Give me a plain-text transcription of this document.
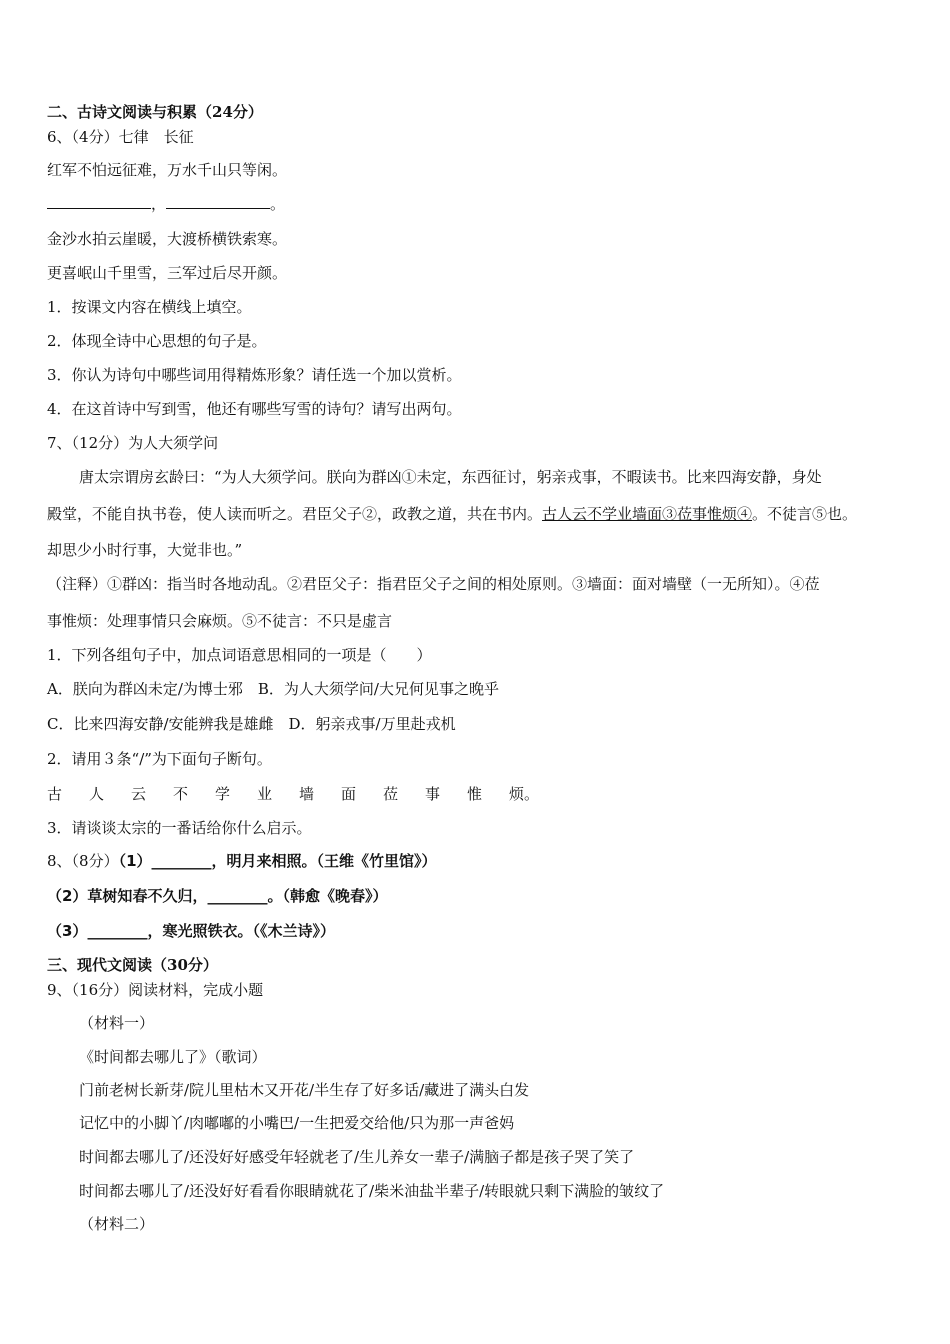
二、古诗文阅读与积累（24分）
6、（4分）七律　长征
红军不怕远征难，万水千山只等闲。
，	。
金沙水拍云崖暖，大渡桥横铁索寒。
更喜岷山千里雪，三军过后尽开颜。
1．按课文内容在横线上填空。
2．体现全诗中心思想的句子是。
3．你认为诗句中哪些词用得精炼形象？请任选一个加以赏析。
4．在这首诗中写到雪，他还有哪些写雪的诗句？请写出两句。
7、（12分）为人大须学问
唐太宗谓房玄龄曰：“为人大须学问。朕向为群凶①未定，东西征讨，躬亲戎事，不暇读书。比来四海安静，身处
殿堂，不能自执书卷，使人读而听之。君臣父子②，政教之道，共在书内。古人云不学业墙面③莅事惟烦④。不徒言⑤也。
却思少小时行事，大觉非也。”
（注释）①群凶：指当时各地动乱。②君臣父子：指君臣父子之间的相处原则。③墙面：面对墙壁（一无所知）。④莅
事惟烦：处理事情只会麻烦。⑤不徒言：不只是虚言
1．下列各组句子中，加点词语意思相同的一项是（　　）
A．朕向为群凶未定/为博士邪　B．为人大须学问/大兄何见事之晚乎
C．比来四海安静/安能辨我是雄雌　D．躬亲戎事/万里赴戎机
2．请用３条“/”为下面句子断句。
古 人 云 不 学 业 墙 面 莅 事 惟 烦。
3．请谈谈太宗的一番话给你什么启示。
8、（8分）（1）________，明月来相照。（王维《竹里馆》）
（2）草树知春不久归，________。（韩愈《晚春》）
（3）________，寒光照铁衣。（《木兰诗》）
三、现代文阅读（30分）
9、（16分）阅读材料，完成小题
（材料一）
《时间都去哪儿了》（歌词）
门前老树长新芽/院儿里枯木又开花/半生存了好多话/藏进了满头白发
记忆中的小脚丫/肉嘟嘟的小嘴巴/一生把爱交给他/只为那一声爸妈
时间都去哪儿了/还没好好感受年轻就老了/生儿养女一辈子/满脑子都是孩子哭了笑了
时间都去哪儿了/还没好好看看你眼睛就花了/柴米油盐半辈子/转眼就只剩下满脸的皱纹了
（材料二）
